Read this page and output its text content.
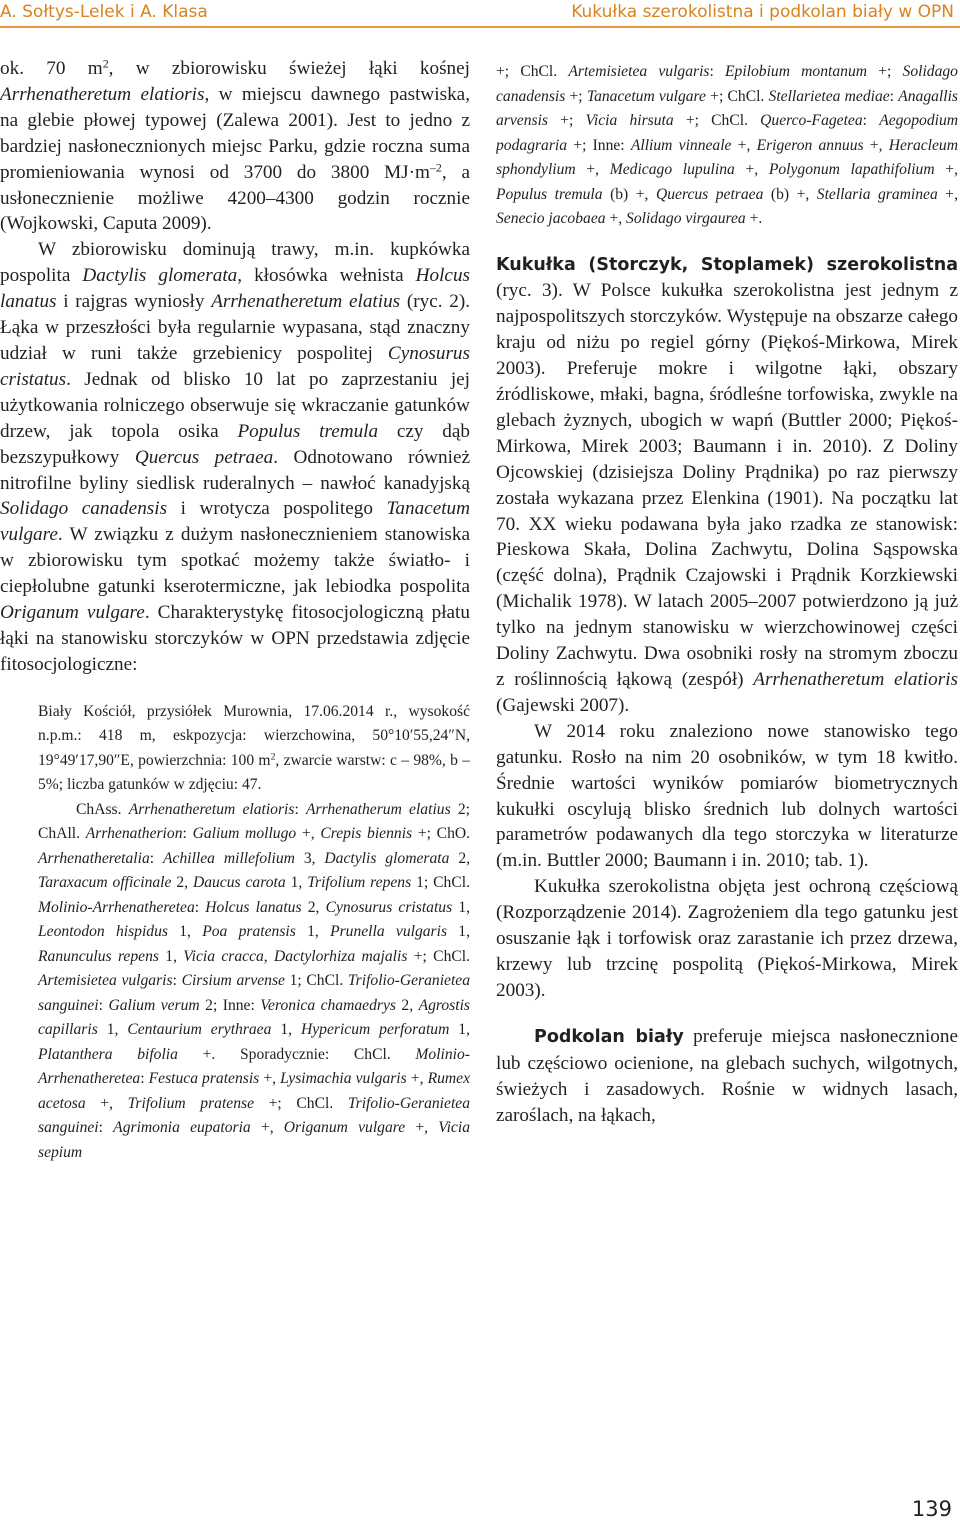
A. Sołtys-Lelek i A. Klasa	Kukułka szerokolistna i podkolan biały w OPN

ok. 70 $m^2$, w zbiorowisku świeżej łąki kośnej Arrhenatheretum elatioris, w miejscu dawnego pastwiska, na glebie płowej typowej (Zalewa 2001). Jest to jedno z bardziej nasłonecznionych miejsc Parku, gdzie roczna suma promieniowania wynosi od 3700 do 3800 $MJ\cdot m^{-2}$, a usłonecznienie możliwe 4200–4300 godzin rocznie (Wojkowski, Caputa 2009).

W zbiorowisku dominują trawy, m.in. kupkówka pospolita Dactylis glomerata, kłosówka wełnista Holcus lanatus i rajgras wyniosły Arrhenatheretum elatius (ryc. 2). Łąka w przeszłości była regularnie wypasana, stąd znaczny udział w runi także grzebienicy pospolitej Cynosurus cristatus. Jednak od blisko 10 lat po zaprzestaniu jej użytkowania rolniczego obserwuje się wkraczanie gatunków drzew, jak topola osika Populus tremula czy dąb bezszypułkowy Quercus petraea. Odnotowano również nitrofilne byliny siedlisk ruderalnych – nawłoć kanadyjską Solidago canadensis i wrotycza pospolitego Tanacetum vulgare. W związku z dużym nasłonecznieniem stanowiska w zbiorowisku tym spotkać możemy także światło- i ciepłolubne gatunki kserotermiczne, jak lebiodka pospolita Origanum vulgare. Charakterystykę fitosocjologiczną płatu łąki na stanowisku storczyków w OPN przedstawia zdjęcie fitosocjologiczne:

Biały Kościół, przysiółek Murownia, 17.06.2014 r., wysokość n.p.m.: 418 m, eskpozycja: wierzchowina, 50°10′55,24″N, 19°49′17,90″E, powierzchnia: 100 $m^2$, zwarcie warstw: c – 98%, b – 5%; liczba gatunków w zdjęciu: 47.

ChAss. Arrhenatheretum elatioris: Arrhenatherum elatius 2; ChAll. Arrhenatherion: Galium mollugo +, Crepis biennis +; ChO. Arrhenatheretalia: Achillea millefolium 3, Dactylis glomerata 2, Taraxacum officinale 2, Daucus carota 1, Trifolium repens 1; ChCl. Molinio-Arrhenatheretea: Holcus lanatus 2, Cynosurus cristatus 1, Leontodon hispidus 1, Poa pratensis 1, Prunella vulgaris 1, Ranunculus repens 1, Vicia cracca, Dactylorhiza majalis +; ChCl. Artemisietea vulgaris: Cirsium arvense 1; ChCl. Trifolio-Geranietea sanguinei: Galium verum 2; Inne: Veronica chamaedrys 2, Agrostis capillaris 1, Centaurium erythraea 1, Hypericum perforatum 1, Platanthera bifolia +. Sporadycznie: ChCl. Molinio-Arrhenatheretea: Festuca pratensis +, Lysimachia vulgaris +, Rumex acetosa +, Trifolium pratense +; ChCl. Trifolio-Geranietea sanguinei: Agrimonia eupatoria +, Origanum vulgare +, Vicia sepium

+; ChCl. Artemisietea vulgaris: Epilobium montanum +; Solidago canadensis +; Tanacetum vulgare +; ChCl. Stellarietea mediae: Anagallis arvensis +; Vicia hirsuta +; ChCl. Querco-Fagetea: Aegopodium podagraria +; Inne: Allium vinneale +, Erigeron annuus +, Heracleum sphondylium +, Medicago lupulina +, Polygonum lapathifolium +, Populus tremula (b) +, Quercus petraea (b) +, Stellaria graminea +, Senecio jacobaea +, Solidago virgaurea +.

Kukułka (Storczyk, Stoplamek) szerokolistna (ryc. 3). W Polsce kukułka szerokolistna jest jednym z najpospolitszych storczyków. Występuje na obszarze całego kraju od niżu po regiel górny (Piękoś-Mirkowa, Mirek 2003). Preferuje mokre i wilgotne łąki, obszary źródliskowe, młaki, bagna, śródleśne torfowiska, zwykle na glebach żyznych, ubogich w wapń (Buttler 2000; Piękoś-Mirkowa, Mirek 2003; Baumann i in. 2010). Z Doliny Ojcowskiej (dzisiejsza Doliny Prądnika) po raz pierwszy została wykazana przez Elenkina (1901). Na początku lat 70. XX wieku podawana była jako rzadka ze stanowisk: Pieskowa Skała, Dolina Zachwytu, Dolina Sąspowska (część dolna), Prądnik Czajowski i Prądnik Korzkiewski (Michalik 1978). W latach 2005–2007 potwierdzono ją już tylko na jednym stanowisku w wierzchowinowej części Doliny Zachwytu. Dwa osobniki rosły na stromym zboczu z roślinnością łąkową (zespół) Arrhenatheretum elatioris (Gajewski 2007).

W 2014 roku znaleziono nowe stanowisko tego gatunku. Rosło na nim 20 osobników, w tym 18 kwitło. Średnie wartości wyników pomiarów biometrycznych kukułki oscylują blisko średnich lub dolnych wartości parametrów podawanych dla tego storczyka w literaturze (m.in. Buttler 2000; Baumann i in. 2010; tab. 1).

Kukułka szerokolistna objęta jest ochroną częściową (Rozporządzenie 2014). Zagrożeniem dla tego gatunku jest osuszanie łąk i torfowisk oraz zarastanie ich przez drzewa, krzewy lub trzcinę pospolitą (Piękoś-Mirkowa, Mirek 2003).

Podkolan biały preferuje miejsca nasłonecznione lub częściowo ocienione, na glebach suchych, wilgotnych, świeżych i zasadowych. Rośnie w widnych lasach, zaroślach, na łąkach,

139
